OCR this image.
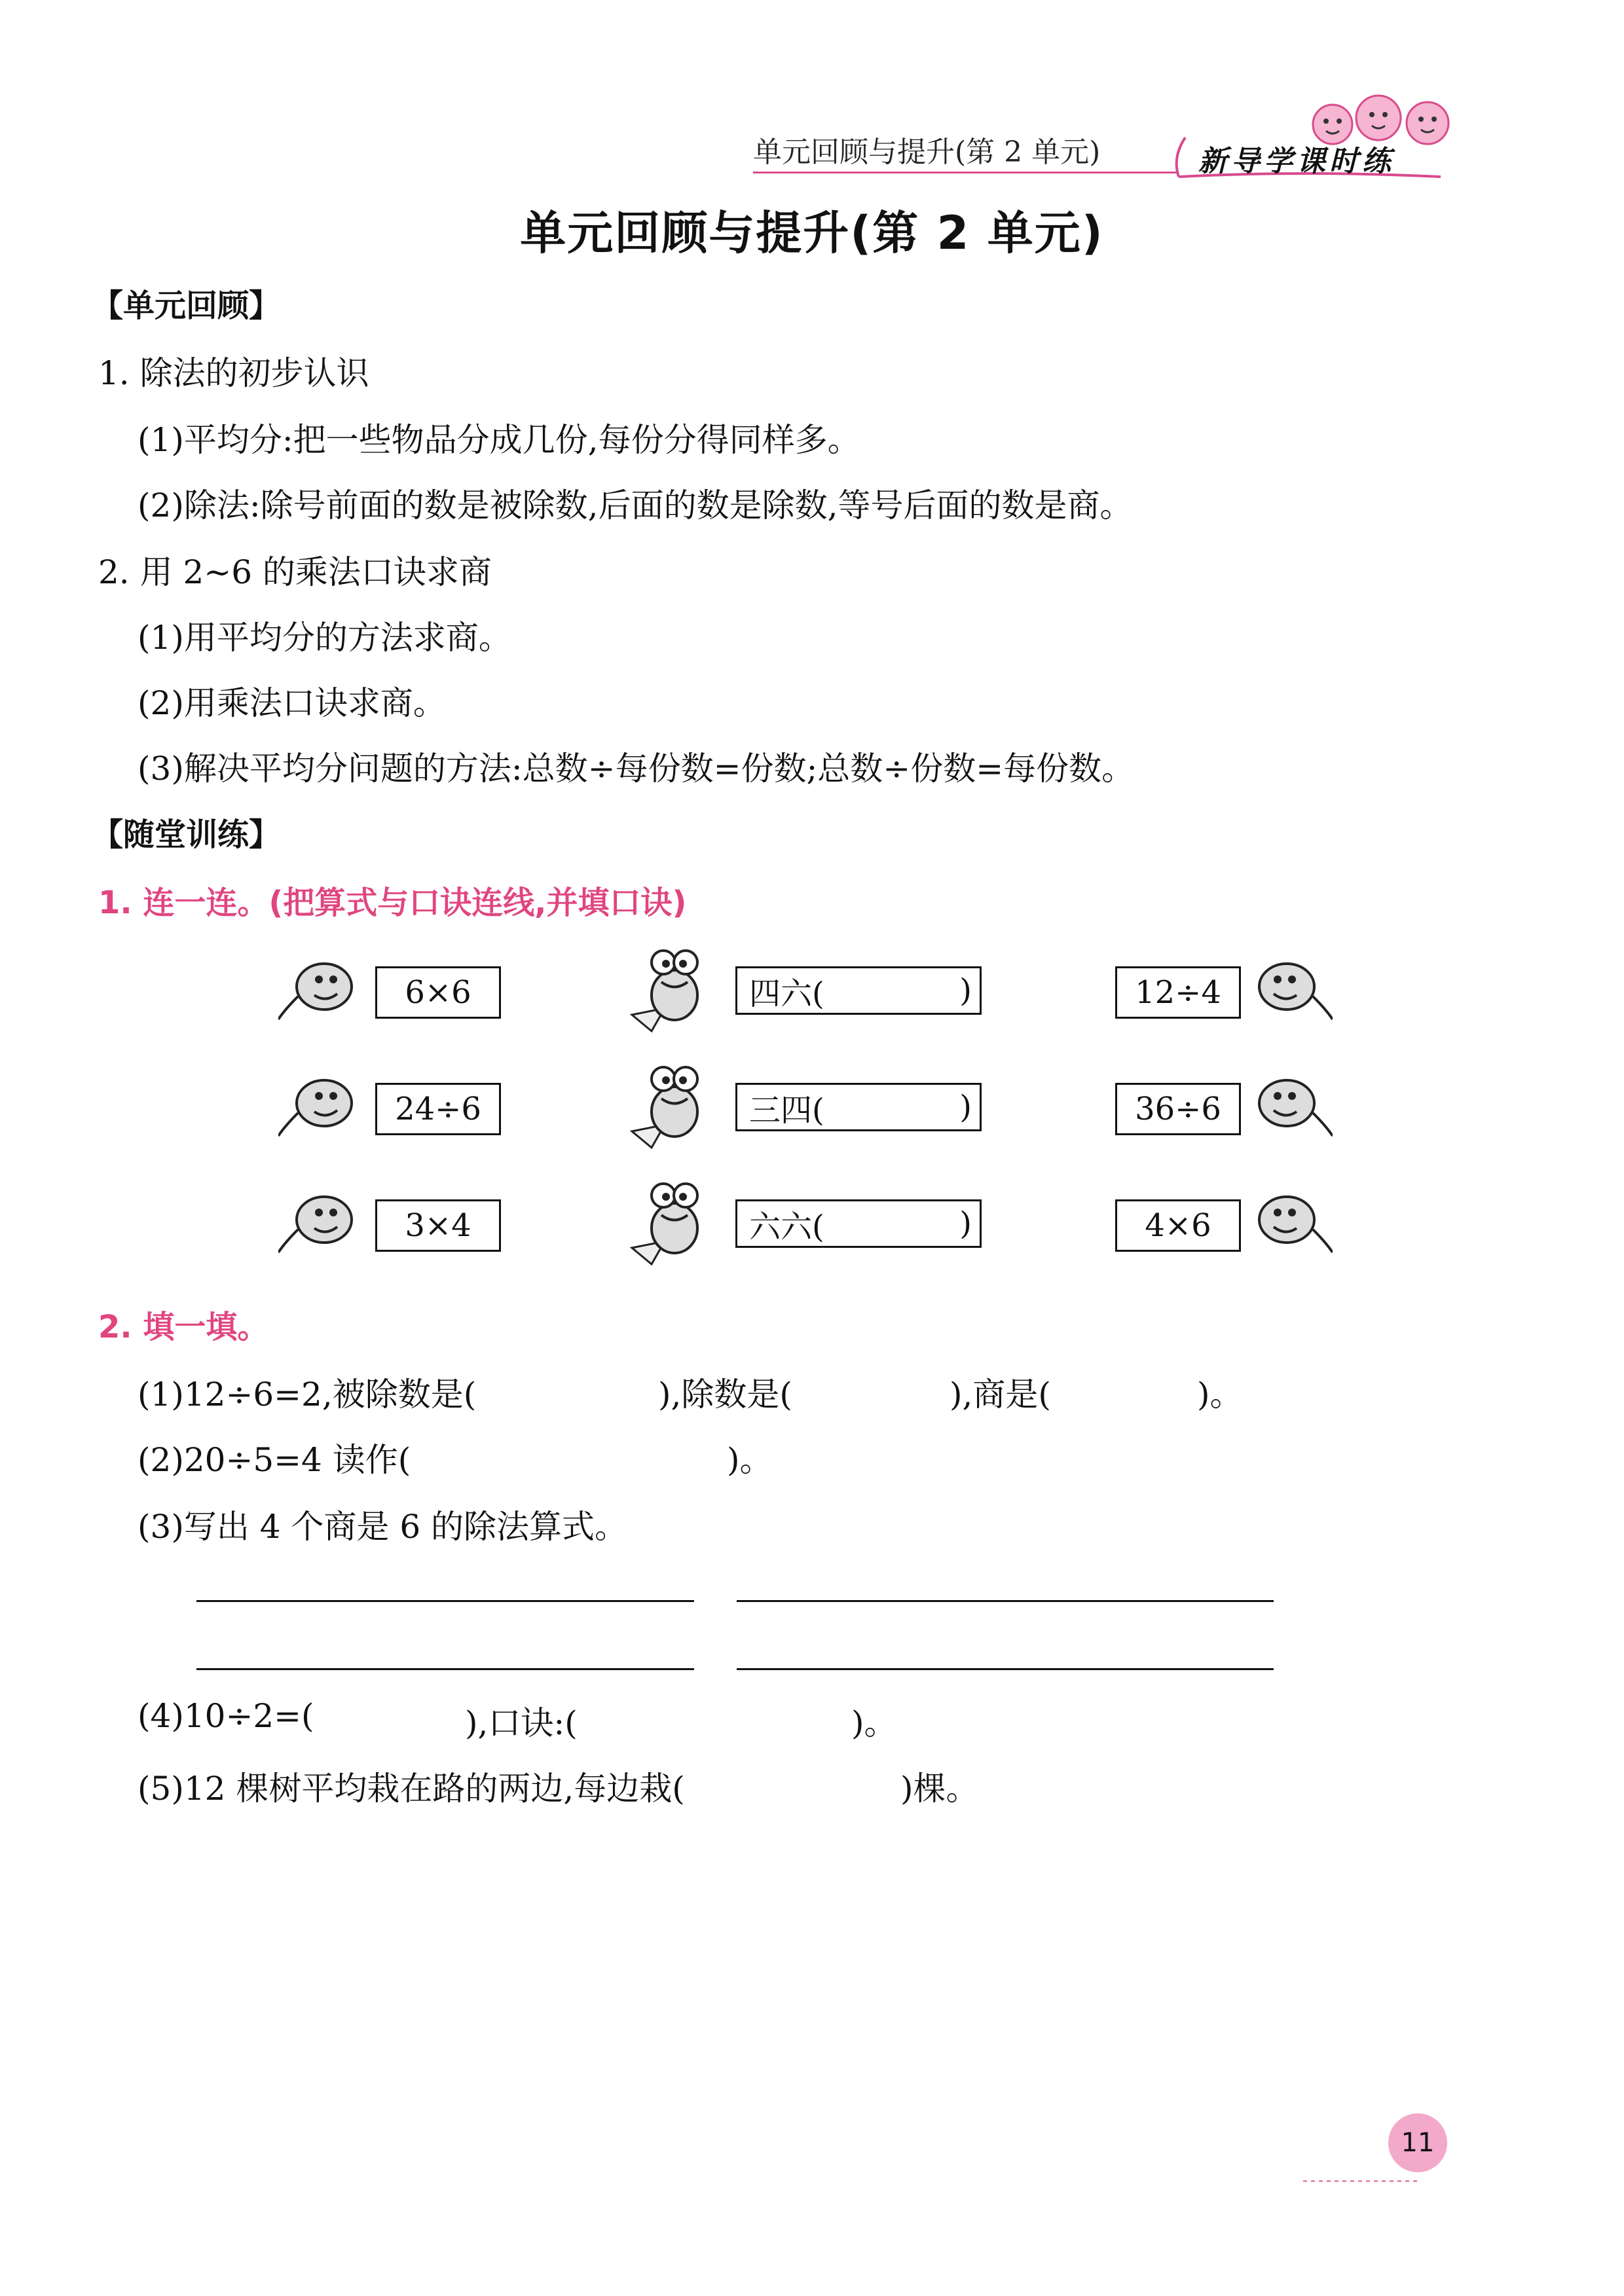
单元回顾与提升(第 2 单元)	新导学课时练
单元回顾与提升(第 2 单元)
【单元回顾】
1. 除法的初步认识
(1)平均分:把一些物品分成几份,每份分得同样多。
(2)除法:除号前面的数是被除数,后面的数是除数,等号后面的数是商。
2. 用 2~6 的乘法口诀求商
(1)用平均分的方法求商。
(2)用乘法口诀求商。
(3)解决平均分问题的方法:总数÷每份数=份数;总数÷份数=每份数。
【随堂训练】
1. 连一连。(把算式与口诀连线,并填口诀)
6×6	四六(	)	12÷4
24÷6	三四(	)	36÷6
3×4	六六(	)	4×6
2. 填一填。
(1)12÷6=2,被除数是(	),除数是(	),商是(	)。
(2)20÷5=4 读作(	)。
(3)写出 4 个商是 6 的除法算式。
(4)10÷2=(	),口诀:(	)。
(5)12 棵树平均栽在路的两边,每边栽(	)棵。
11
